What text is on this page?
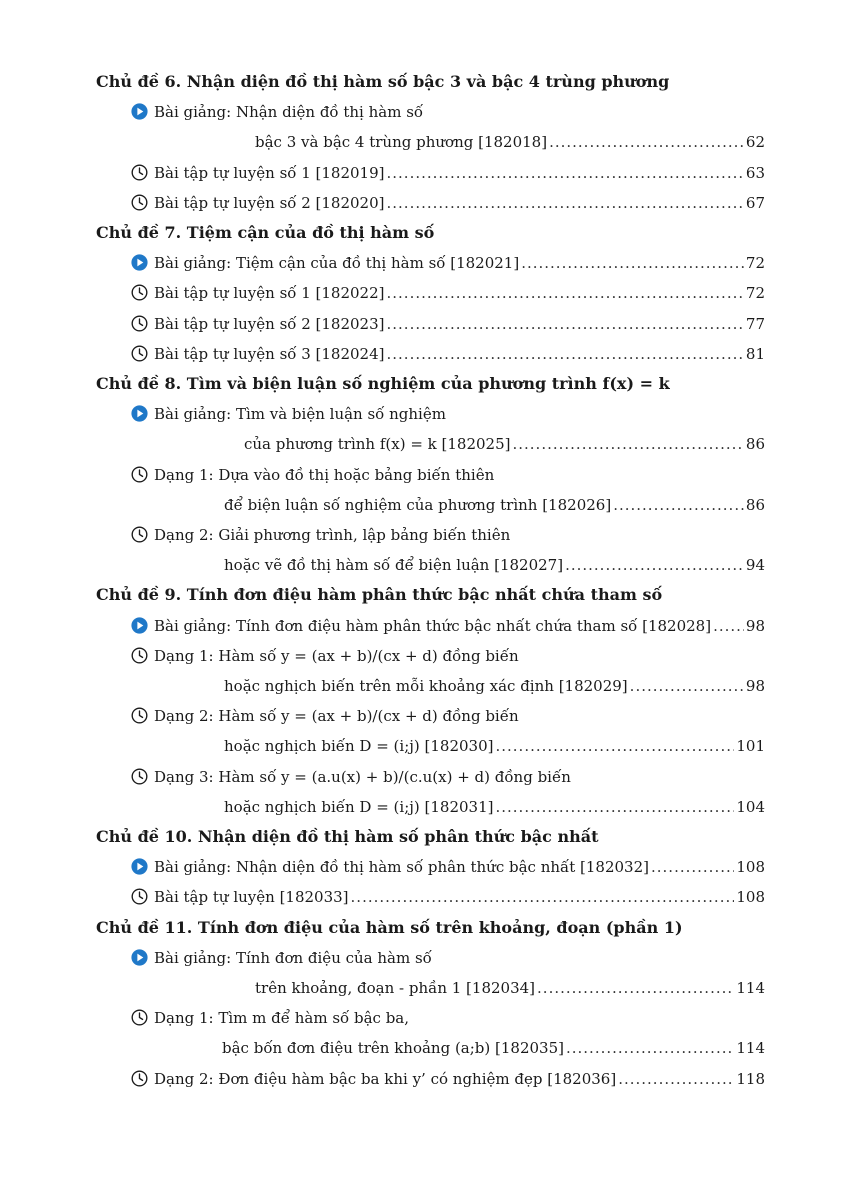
Chủ đề 6. Nhận diện đồ thị hàm số bậc 3 và bậc 4 trùng phương
Bài giảng: Nhận diện đồ thị hàm số
bậc 3 và bậc 4 trùng phương [182018] .....	62
Bài tập tự luyện số 1 [182019] .....	63
Bài tập tự luyện số 2 [182020] .....	67
Chủ đề 7. Tiệm cận của đồ thị hàm số
Bài giảng: Tiệm cận của đồ thị hàm số [182021] .....	72
Bài tập tự luyện số 1 [182022] .....	72
Bài tập tự luyện số 2 [182023] .....	77
Bài tập tự luyện số 3 [182024] .....	81
Chủ đề 8. Tìm và biện luận số nghiệm của phương trình f(x) = k
Bài giảng: Tìm và biện luận số nghiệm
của phương trình f(x) = k [182025] .....	86
Dạng 1: Dựa vào đồ thị hoặc bảng biến thiên
để biện luận số nghiệm của phương trình [182026] .....	86
Dạng 2: Giải phương trình, lập bảng biến thiên
hoặc vẽ đồ thị hàm số để biện luận [182027] .....	94
Chủ đề 9. Tính đơn điệu hàm phân thức bậc nhất chứa tham số
Bài giảng: Tính đơn điệu hàm phân thức bậc nhất chứa tham số [182028] ..... 98
Dạng 1: Hàm số y = (ax + b)/(cx + d) đồng biến
hoặc nghịch biến trên mỗi khoảng xác định [182029] .....	98
Dạng 2: Hàm số y = (ax + b)/(cx + d) đồng biến
hoặc nghịch biến D = (i;j) [182030] .....	101
Dạng 3: Hàm số y = (a.u(x) + b)/(c.u(x) + d) đồng biến
hoặc nghịch biến D = (i;j) [182031] .....	104
Chủ đề 10. Nhận diện đồ thị hàm số phân thức bậc nhất
Bài giảng: Nhận diện đồ thị hàm số phân thức bậc nhất [182032] .....	108
Bài tập tự luyện [182033] .....	108
Chủ đề 11. Tính đơn điệu của hàm số trên khoảng, đoạn (phần 1)
Bài giảng: Tính đơn điệu của hàm số
trên khoảng, đoạn - phần 1 [182034] .....	114
Dạng 1: Tìm m để hàm số bậc ba,
bậc bốn đơn điệu trên khoảng (a;b) [182035] .....	114
Dạng 2: Đơn điệu hàm bậc ba khi y’ có nghiệm đẹp [182036] .....	118
